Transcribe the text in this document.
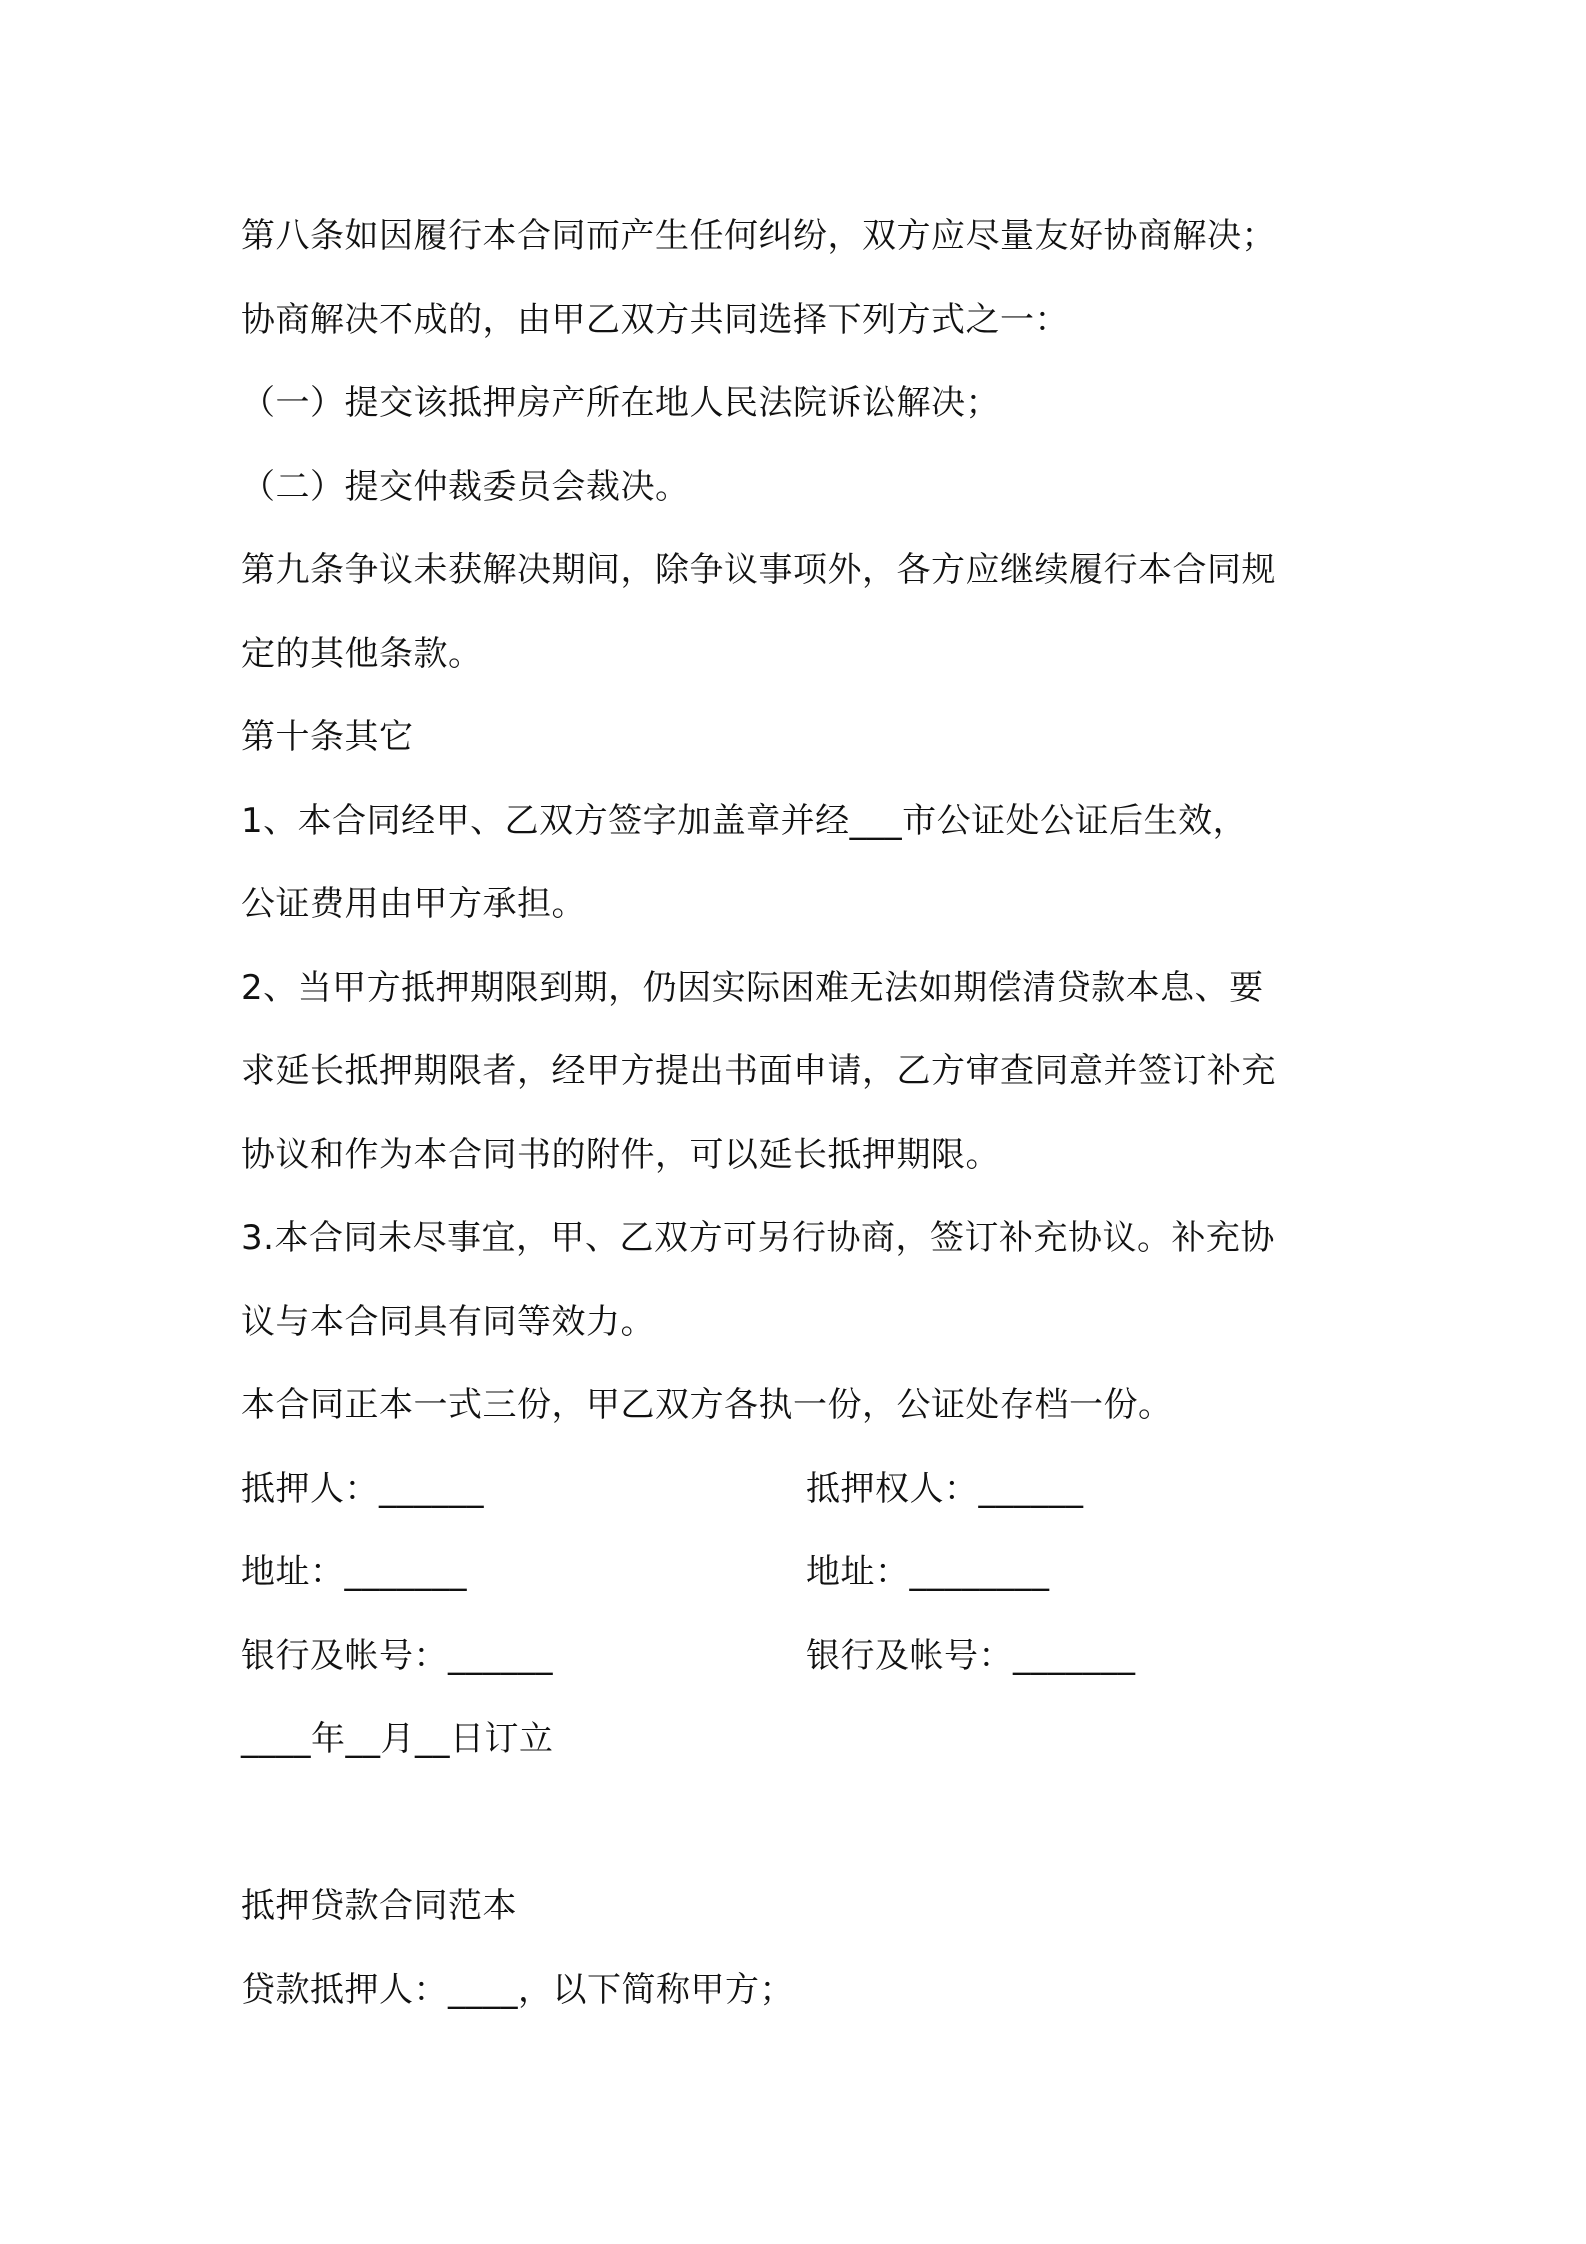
第八条如因履行本合同而产生任何纠纷，双方应尽量友好协商解决；
协商解决不成的，由甲乙双方共同选择下列方式之一：
（一）提交该抵押房产所在地人民法院诉讼解决；
（二）提交仲裁委员会裁决。
第九条争议未获解决期间，除争议事项外，各方应继续履行本合同规
定的其他条款。
第十条其它
1、本合同经甲、乙双方签字加盖章并经___市公证处公证后生效，
公证费用由甲方承担。
2、当甲方抵押期限到期，仍因实际困难无法如期偿清贷款本息、要
求延长抵押期限者，经甲方提出书面申请，乙方审查同意并签订补充
协议和作为本合同书的附件，可以延长抵押期限。
3.本合同未尽事宜，甲、乙双方可另行协商，签订补充协议。补充协
议与本合同具有同等效力。
本合同正本一式三份，甲乙双方各执一份，公证处存档一份。
抵押人：______	抵押权人：______
地址：_______	地址：________
银行及帐号：______	银行及帐号：_______
____年__月__日订立
抵押贷款合同范本
贷款抵押人：____，以下简称甲方；
